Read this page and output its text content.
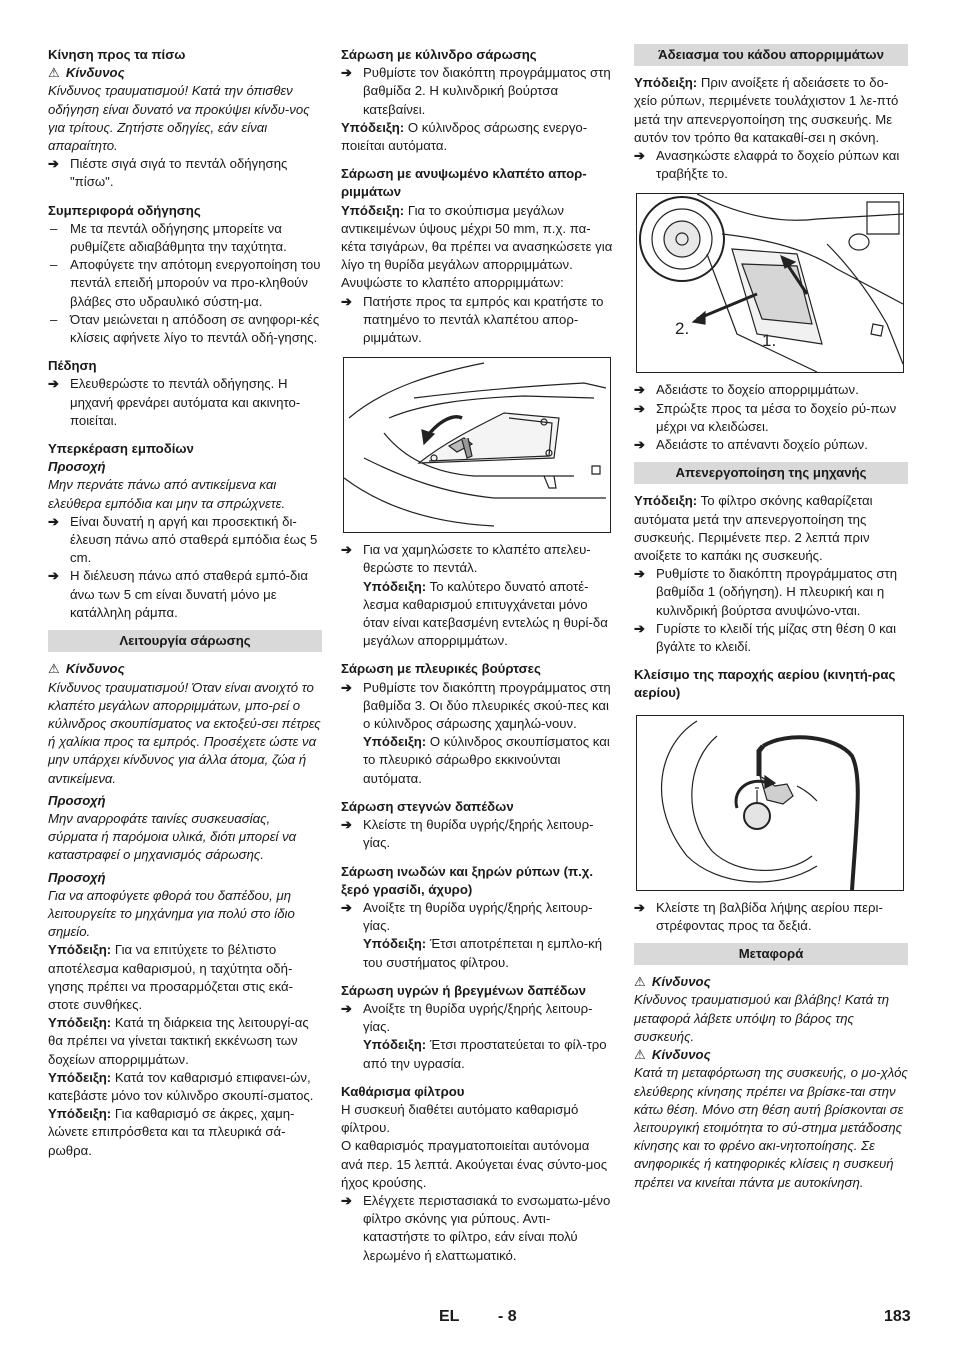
Κίνηση προς τα πίσω

⚠ Κίνδυνος

Κίνδυνος τραυματισμού! Κατά την όπισθεν οδήγηση είναι δυνατό να προκύψει κίνδυ-νος για τρίτους. Ζητήστε οδηγίες, εάν είναι απαραίτητο.

➔ Πιέστε σιγά σιγά το πεντάλ οδήγησης "πίσω".

Συμπεριφορά οδήγησης

– Με τα πεντάλ οδήγησης μπορείτε να ρυθμίζετε αδιαβάθμητα την ταχύτητα.

– Αποφύγετε την απότομη ενεργοποίηση του πεντάλ επειδή μπορούν να προ-κληθούν βλάβες στο υδραυλικό σύστη-μα.

– Όταν μειώνεται η απόδοση σε ανηφορι-κές κλίσεις αφήνετε λίγο το πεντάλ οδή-γησης.

Πέδηση

➔ Ελευθερώστε το πεντάλ οδήγησης. Η μηχανή φρενάρει αυτόματα και ακινητο-ποιείται.

Υπερκέραση εμποδίων

Προσοχή

Μην περνάτε πάνω από αντικείμενα και ελεύθερα εμπόδια και μην τα σπρώχνετε.

➔ Είναι δυνατή η αργή και προσεκτική δι-έλευση πάνω από σταθερά εμπόδια έως 5 cm.

➔ Η διέλευση πάνω από σταθερά εμπό-δια άνω των 5 cm είναι δυνατή μόνο με κατάλληλη ράμπα.

Λειτουργία σάρωσης

⚠ Κίνδυνος

Κίνδυνος τραυματισμού! Όταν είναι ανοιχτό το κλαπέτο μεγάλων απορριμμάτων, μπο-ρεί ο κύλινδρος σκουπίσματος να εκτοξεύ-σει πέτρες ή χαλίκια προς τα εμπρός. Προσέχετε ώστε να μην υπάρχει κίνδυνος για άλλα άτομα, ζώα ή αντικείμενα.

Προσοχή

Μην αναρροφάτε ταινίες συσκευασίας, σύρματα ή παρόμοια υλικά, διότι μπορεί να καταστραφεί ο μηχανισμός σάρωσης.

Προσοχή

Για να αποφύγετε φθορά του δαπέδου, μη λειτουργείτε το μηχάνημα για πολύ στο ίδιο σημείο.

Υπόδειξη: Για να επιτύχετε το βέλτιστο αποτέλεσμα καθαρισμού, η ταχύτητα οδή-γησης πρέπει να προσαρμόζεται στις εκά-στοτε συνθήκες.

Υπόδειξη: Κατά τη διάρκεια της λειτουργί-ας θα πρέπει να γίνεται τακτική εκκένωση των δοχείων απορριμμάτων.

Υπόδειξη: Κατά τον καθαρισμό επιφανει-ών, κατεβάστε μόνο τον κύλινδρο σκουπί-σματος.

Υπόδειξη: Για καθαρισμό σε άκρες, χαμη-λώνετε επιπρόσθετα και τα πλευρικά σά-ρωθρα.

Σάρωση με κύλινδρο σάρωσης

➔ Ρυθμίστε τον διακόπτη προγράμματος στη βαθμίδα 2. Η κυλινδρική βούρτσα κατεβαίνει.

Υπόδειξη: Ο κύλινδρος σάρωσης ενεργο-ποιείται αυτόματα.

Σάρωση με ανυψωμένο κλαπέτο απορ-ριμμάτων

Υπόδειξη: Για το σκούπισμα μεγάλων αντικειμένων ύψους μέχρι 50 mm, π.χ. πα-κέτα τσιγάρων, θα πρέπει να ανασηκώσετε για λίγο τη θυρίδα μεγάλων απορριμμάτων. Ανυψώστε το κλαπέτο απορριμμάτων:

➔ Πατήστε προς τα εμπρός και κρατήστε το πατημένο το πεντάλ κλαπέτου απορ-ριμμάτων.

➔ Για να χαμηλώσετε το κλαπέτο απελευ-θερώστε το πεντάλ.

Υπόδειξη: Το καλύτερο δυνατό αποτέ-λεσμα καθαρισμού επιτυγχάνεται μόνο όταν είναι κατεβασμένη εντελώς η θυρί-δα μεγάλων απορριμμάτων.

Σάρωση με πλευρικές βούρτσες

➔ Ρυθμίστε τον διακόπτη προγράμματος στη βαθμίδα 3. Οι δύο πλευρικές σκού-πες και ο κύλινδρος σάρωσης χαμηλώ-νουν.

Υπόδειξη: Ο κύλινδρος σκουπίσματος και το πλευρικό σάρωθρο εκκινούνται αυτόματα.

Σάρωση στεγνών δαπέδων

➔ Κλείστε τη θυρίδα υγρής/ξηρής λειτουρ-γίας.

Σάρωση ινωδών και ξηρών ρύπων (π.χ. ξερό γρασίδι, άχυρο)

➔ Ανοίξτε τη θυρίδα υγρής/ξηρής λειτουρ-γίας.

Υπόδειξη: Έτσι αποτρέπεται η εμπλο-κή του συστήματος φίλτρου.

Σάρωση υγρών ή βρεγμένων δαπέδων

➔ Ανοίξτε τη θυρίδα υγρής/ξηρής λειτουρ-γίας.

Υπόδειξη: Έτσι προστατεύεται το φίλ-τρο από την υγρασία.

Καθάρισμα φίλτρου

Η συσκευή διαθέτει αυτόματο καθαρισμό φίλτρου.

Ο καθαρισμός πραγματοποιείται αυτόνομα ανά περ. 15 λεπτά. Ακούγεται ένας σύντο-μος ήχος κρούσης.

➔ Ελέγχετε περιστασιακά το ενσωματω-μένο φίλτρο σκόνης για ρύπους. Αντι-καταστήστε το φίλτρο, εάν είναι πολύ λερωμένο ή ελαττωματικό.

Άδειασμα του κάδου απορριμμάτων

Υπόδειξη: Πριν ανοίξετε ή αδειάσετε το δο-χείο ρύπων, περιμένετε τουλάχιστον 1 λε-πτό μετά την απενεργοποίηση της συσκευής. Με αυτόν τον τρόπο θα κατακαθί-σει η σκόνη.

➔ Ανασηκώστε ελαφρά το δοχείο ρύπων και τραβήξτε το.

2.
1.

➔ Αδειάστε το δοχείο απορριμμάτων.

➔ Σπρώξτε προς τα μέσα το δοχείο ρύ-πων μέχρι να κλειδώσει.

➔ Αδειάστε το απέναντι δοχείο ρύπων.

Απενεργοποίηση της μηχανής

Υπόδειξη: Το φίλτρο σκόνης καθαρίζεται αυτόματα μετά την απενεργοποίηση της συσκευής. Περιμένετε περ. 2 λεπτά πριν ανοίξετε το καπάκι ης συσκευής.

➔ Ρυθμίστε το διακόπτη προγράμματος στη βαθμίδα 1 (οδήγηση). Η πλευρική και η κυλινδρική βούρτσα ανυψώνο-νται.

➔ Γυρίστε το κλειδί τής μίζας στη θέση 0 και βγάλτε το κλειδί.

Κλείσιμο της παροχής αερίου (κινητή-ρας αερίου)

➔ Κλείστε τη βαλβίδα λήψης αερίου περι-στρέφοντας προς τα δεξιά.

Μεταφορά

⚠ Κίνδυνος

Κίνδυνος τραυματισμού και βλάβης! Κατά τη μεταφορά λάβετε υπόψη το βάρος της συσκευής.

⚠ Κίνδυνος

Κατά τη μεταφόρτωση της συσκευής, ο μο-χλός ελεύθερης κίνησης πρέπει να βρίσκε-ται στην κάτω θέση. Μόνο στη θέση αυτή βρίσκονται σε λειτουργική ετοιμότητα το σύ-στημα μετάδοσης κίνησης και το φρένο ακι-νητοποίησης. Σε ανηφορικές ή κατηφορικές κλίσεις η συσκευή πρέπει να κινείται πάντα με αυτοκίνηση.

EL - 8	183
